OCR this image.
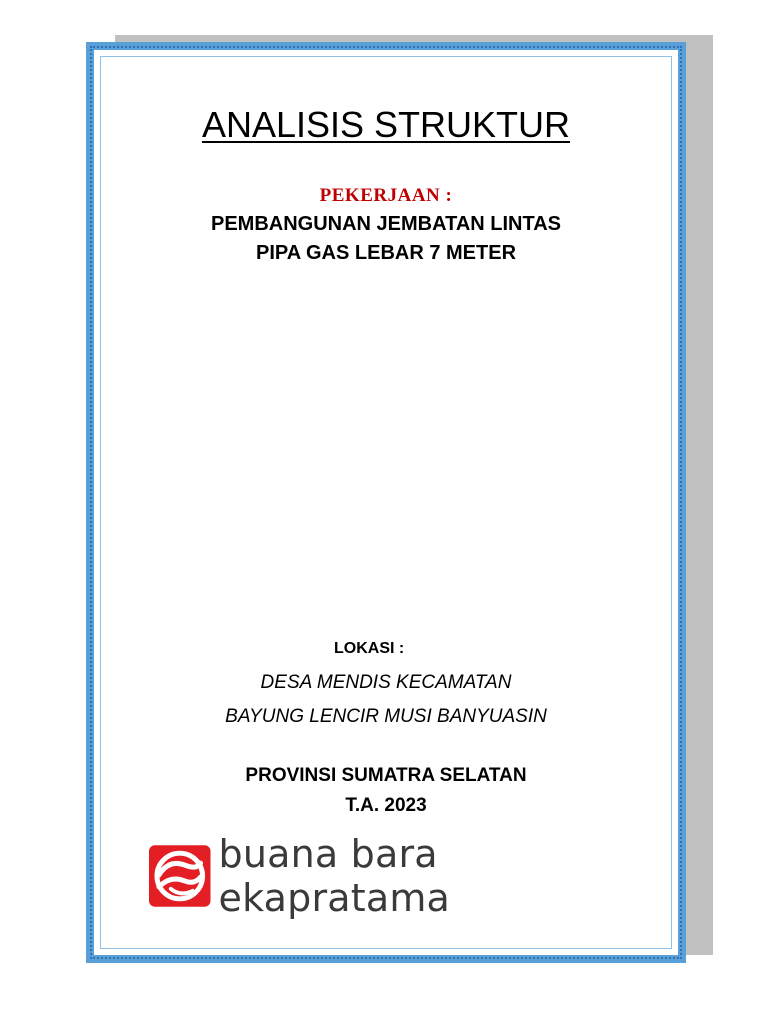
ANALISIS STRUKTUR
PEKERJAAN :
PEMBANGUNAN JEMBATAN LINTAS
PIPA GAS LEBAR 7 METER
LOKASI :
DESA MENDIS KECAMATAN
BAYUNG LENCIR MUSI BANYUASIN
PROVINSI SUMATRA SELATAN
T.A. 2023
buana bara ekapratama
